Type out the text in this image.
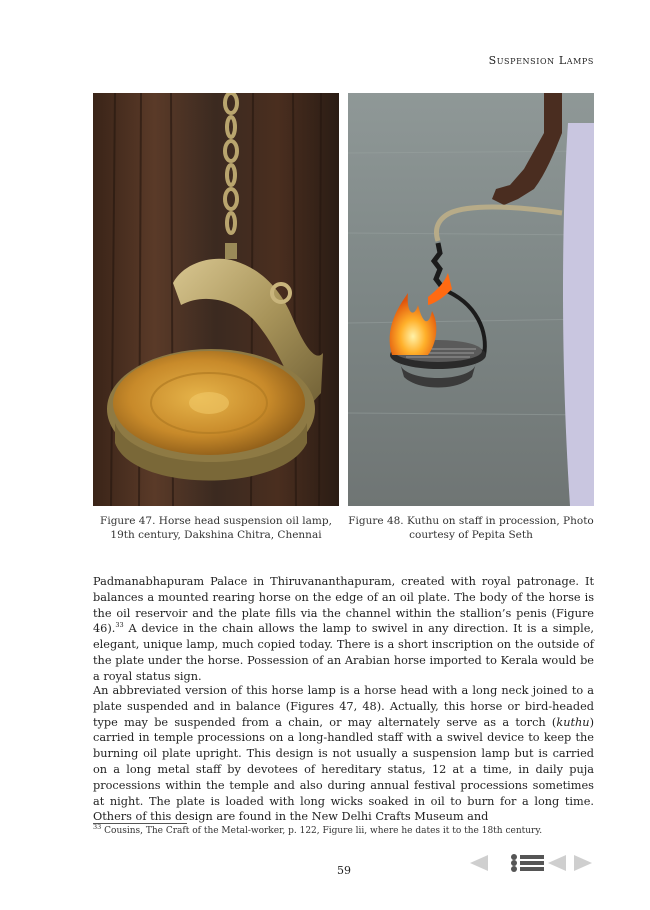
Suspension Lamps
Figure 47. Horse head suspension oil lamp, 19th century, Dakshina Chitra, Chennai
Figure 48. Kuthu on staff in procession, Photo courtesy of Pepita Seth

Padmanabhapuram Palace in Thiruvananthapuram, created with royal patronage. It balances a mounted rearing horse on the edge of an oil plate. The body of the horse is the oil reservoir and the plate fills via the channel within the stallion’s penis (Figure 46).$^{33}$ A device in the chain allows the lamp to swivel in any direction. It is a simple, elegant, unique lamp, much copied today. There is a short inscription on the outside of the plate under the horse. Possession of an Arabian horse imported to Kerala would be a royal status sign.

An abbreviated version of this horse lamp is a horse head with a long neck joined to a plate suspended and in balance (Figures 47, 48). Actually, this horse or bird-headed type may be suspended from a chain, or may alternately serve as a torch (kuthu) carried in temple processions on a long-handled staff with a swivel device to keep the burning oil plate upright. This design is not usually a suspension lamp but is carried on a long metal staff by devotees of hereditary status, 12 at a time, in daily puja processions within the temple and also during annual festival processions sometimes at night. The plate is loaded with long wicks soaked in oil to burn for a long time. Others of this design are found in the New Delhi Crafts Museum and

$^{33}$ Cousins, The Craft of the Metal-worker, p. 122, Figure lii, where he dates it to the 18th century.
59
